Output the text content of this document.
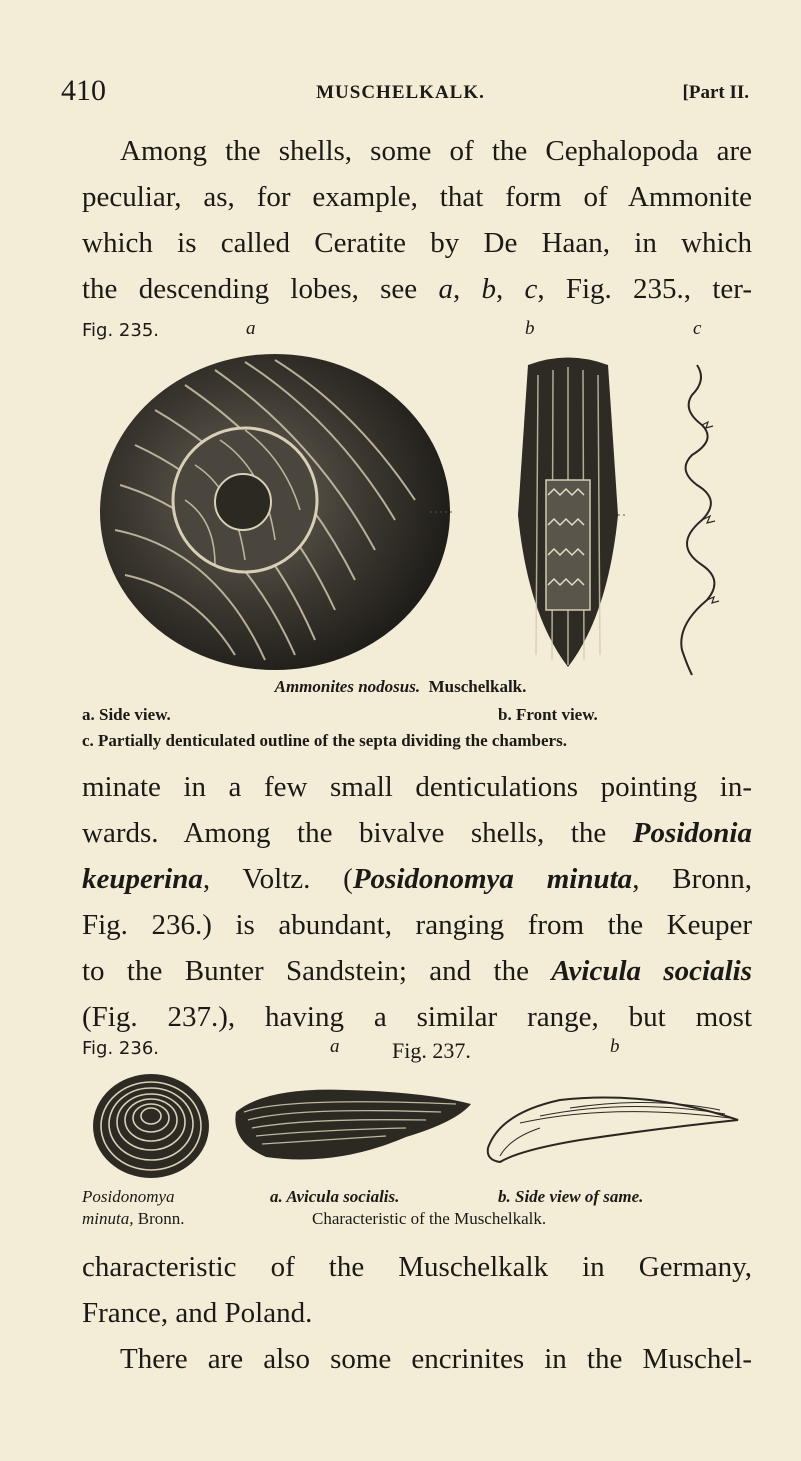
410	MUSCHELKALK.	[Part II.

Among the shells, some of the Cephalopoda are

peculiar, as, for example, that form of Ammonite

which is called Ceratite by De Haan, in which

the descending lobes, see a, b, c, Fig. 235., ter-

Fig. 235.	a	b	c
Ammonites nodosus. Muschelkalk.
a. Side view.	b. Front view.
c. Partially denticulated outline of the septa dividing the chambers.

minate in a few small denticulations pointing in-

wards. Among the bivalve shells, the Posidonia

keuperina, Voltz. (Posidonomya minuta, Bronn,

Fig. 236.) is abundant, ranging from the Keuper

to the Bunter Sandstein; and the Avicula socialis

(Fig. 237.), having a similar range, but most

Fig. 236.	a Fig. 237.	b
Posidonomya
minuta, Bronn.
a. Avicula socialis.	b. Side view of same.
Characteristic of the Muschelkalk.

characteristic of the Muschelkalk in Germany,

France, and Poland.

There are also some encrinites in the Muschel-
